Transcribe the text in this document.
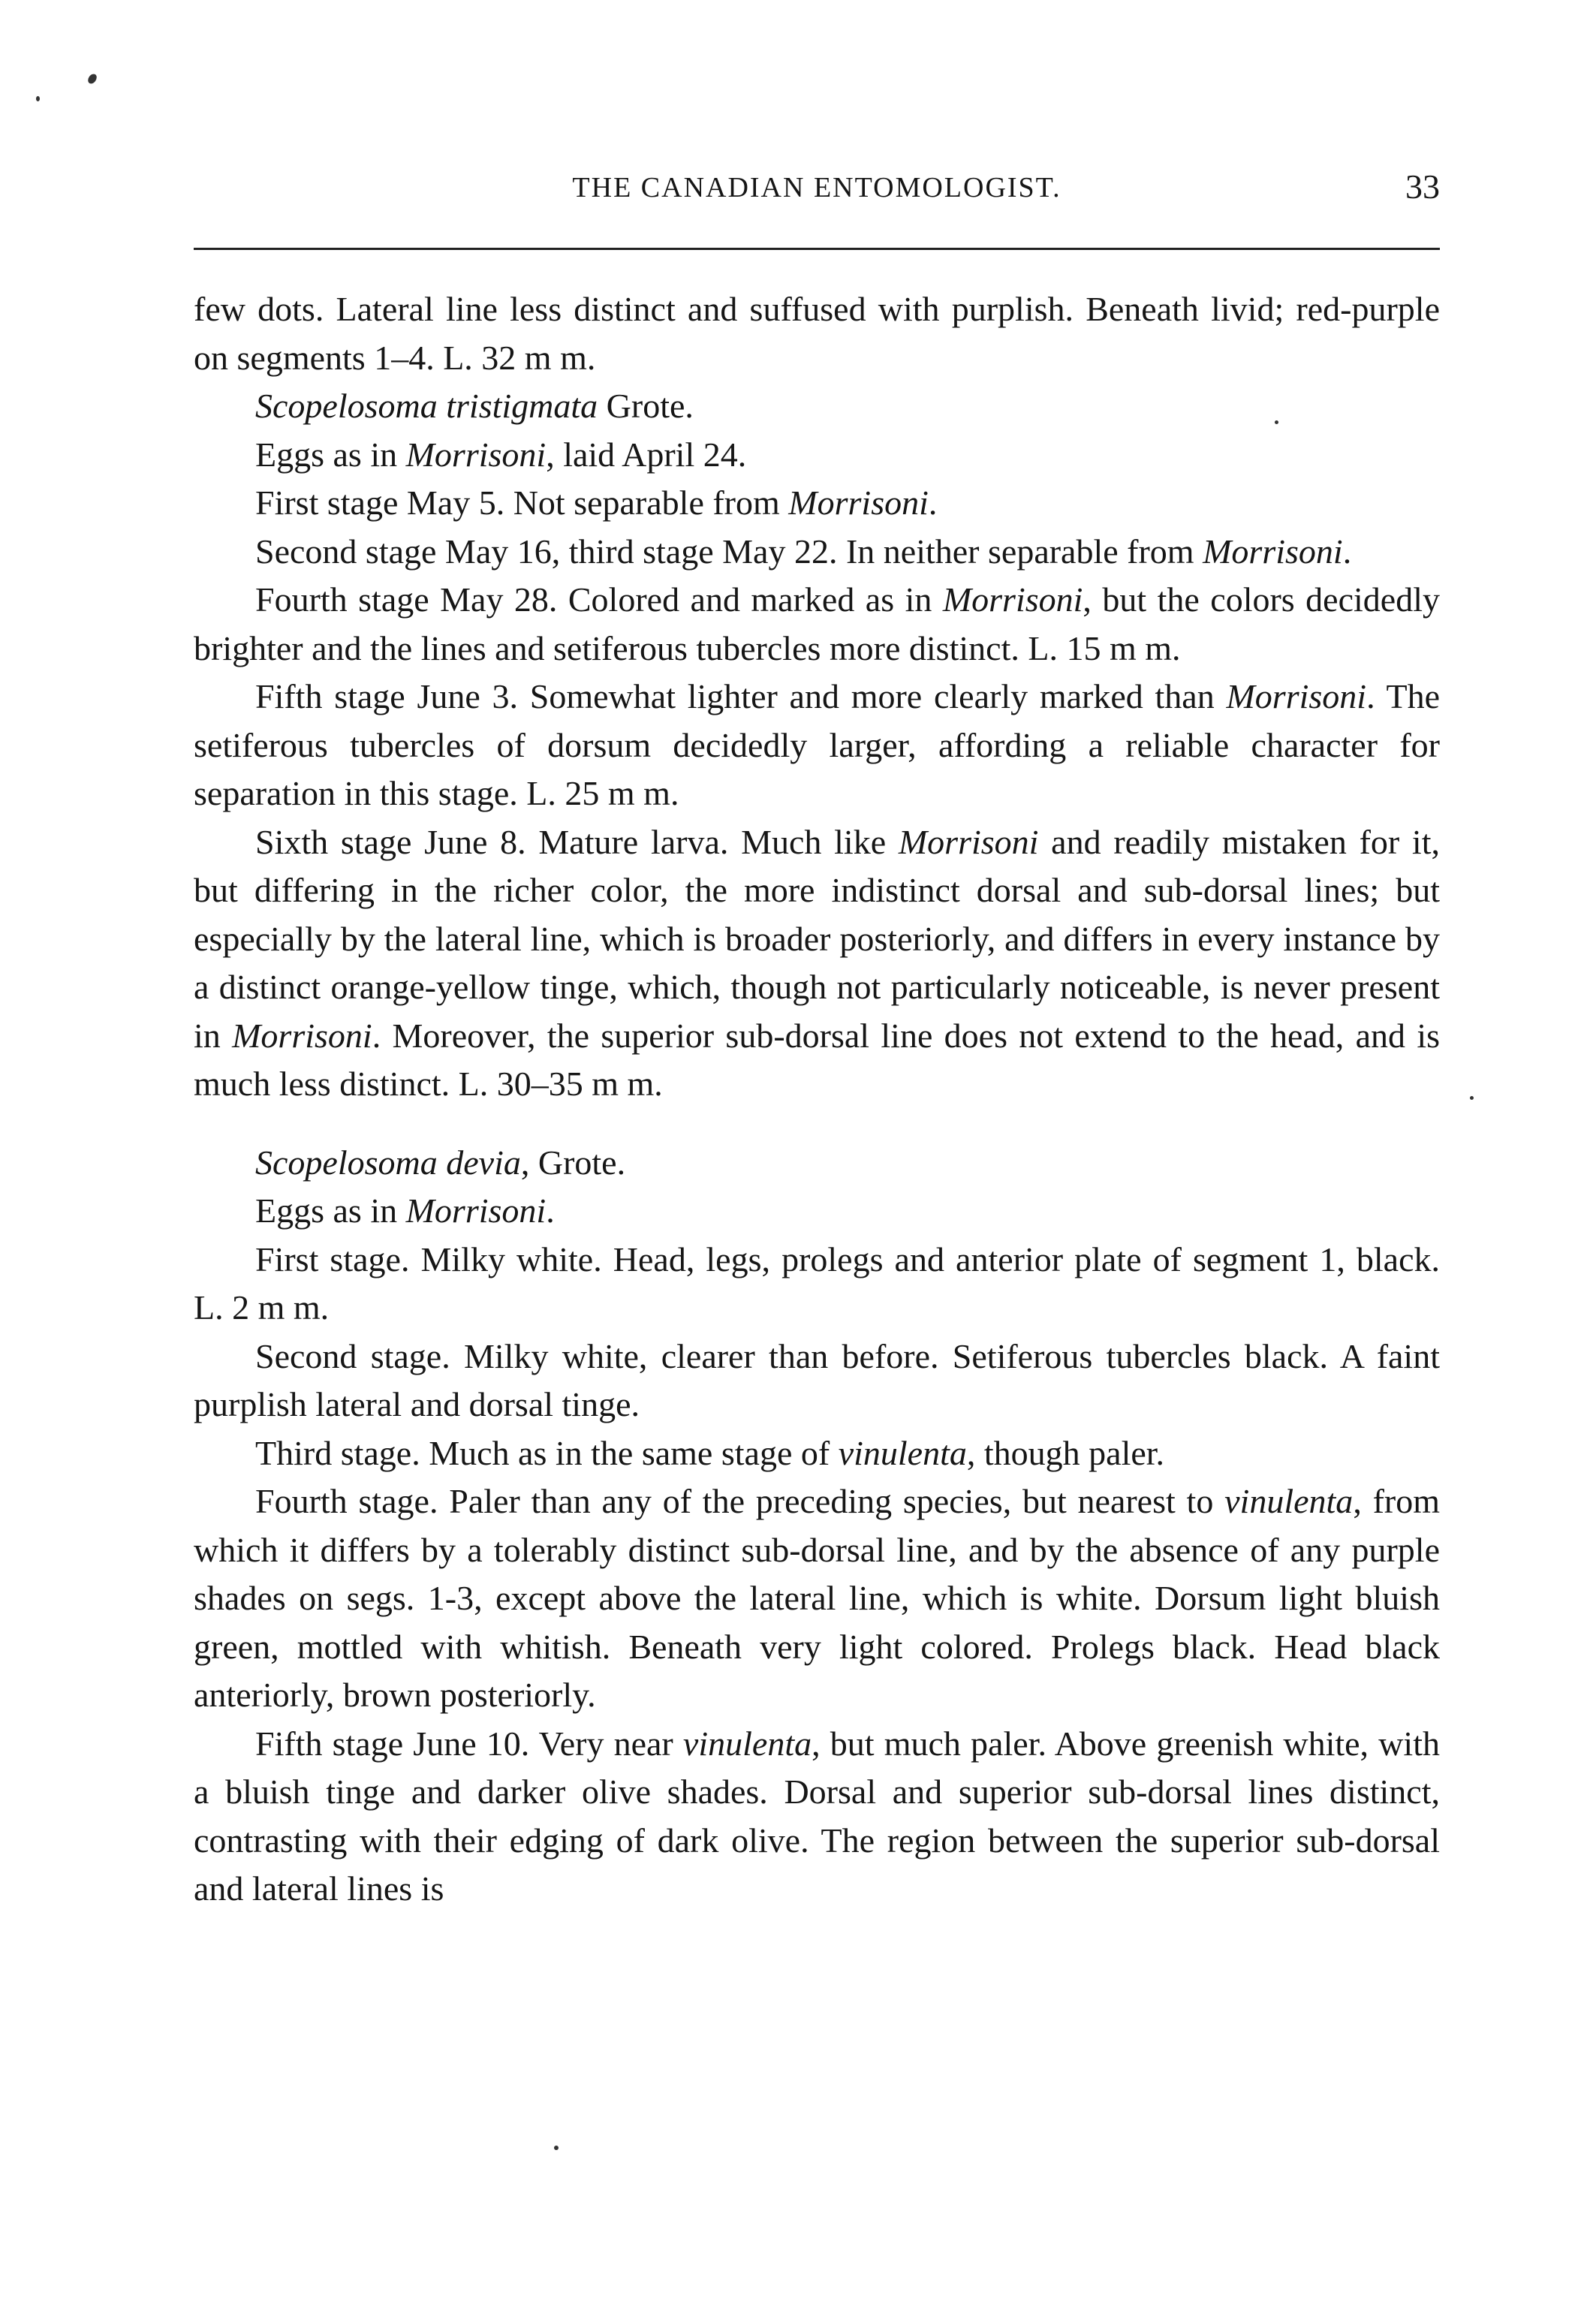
THE CANADIAN ENTOMOLOGIST.	33

few dots. Lateral line less distinct and suffused with purplish. Beneath livid; red-purple on segments 1–4. L. 32 m m.

Scopelosoma tristigmata Grote.

Eggs as in Morrisoni, laid April 24.

First stage May 5. Not separable from Morrisoni.

Second stage May 16, third stage May 22. In neither separable from Morrisoni.

Fourth stage May 28. Colored and marked as in Morrisoni, but the colors decidedly brighter and the lines and setiferous tubercles more distinct. L. 15 m m.

Fifth stage June 3. Somewhat lighter and more clearly marked than Morrisoni. The setiferous tubercles of dorsum decidedly larger, affording a reliable character for separation in this stage. L. 25 m m.

Sixth stage June 8. Mature larva. Much like Morrisoni and readily mistaken for it, but differing in the richer color, the more indistinct dorsal and sub-dorsal lines; but especially by the lateral line, which is broader posteriorly, and differs in every instance by a distinct orange-yellow tinge, which, though not particularly noticeable, is never present in Morrisoni. Moreover, the superior sub-dorsal line does not extend to the head, and is much less distinct. L. 30–35 m m.

Scopelosoma devia, Grote.

Eggs as in Morrisoni.

First stage. Milky white. Head, legs, prolegs and anterior plate of segment 1, black. L. 2 m m.

Second stage. Milky white, clearer than before. Setiferous tubercles black. A faint purplish lateral and dorsal tinge.

Third stage. Much as in the same stage of vinulenta, though paler.

Fourth stage. Paler than any of the preceding species, but nearest to vinulenta, from which it differs by a tolerably distinct sub-dorsal line, and by the absence of any purple shades on segs. 1-3, except above the lateral line, which is white. Dorsum light bluish green, mottled with whitish. Beneath very light colored. Prolegs black. Head black anteriorly, brown posteriorly.

Fifth stage June 10. Very near vinulenta, but much paler. Above greenish white, with a bluish tinge and darker olive shades. Dorsal and superior sub-dorsal lines distinct, contrasting with their edging of dark olive. The region between the superior sub-dorsal and lateral lines is
